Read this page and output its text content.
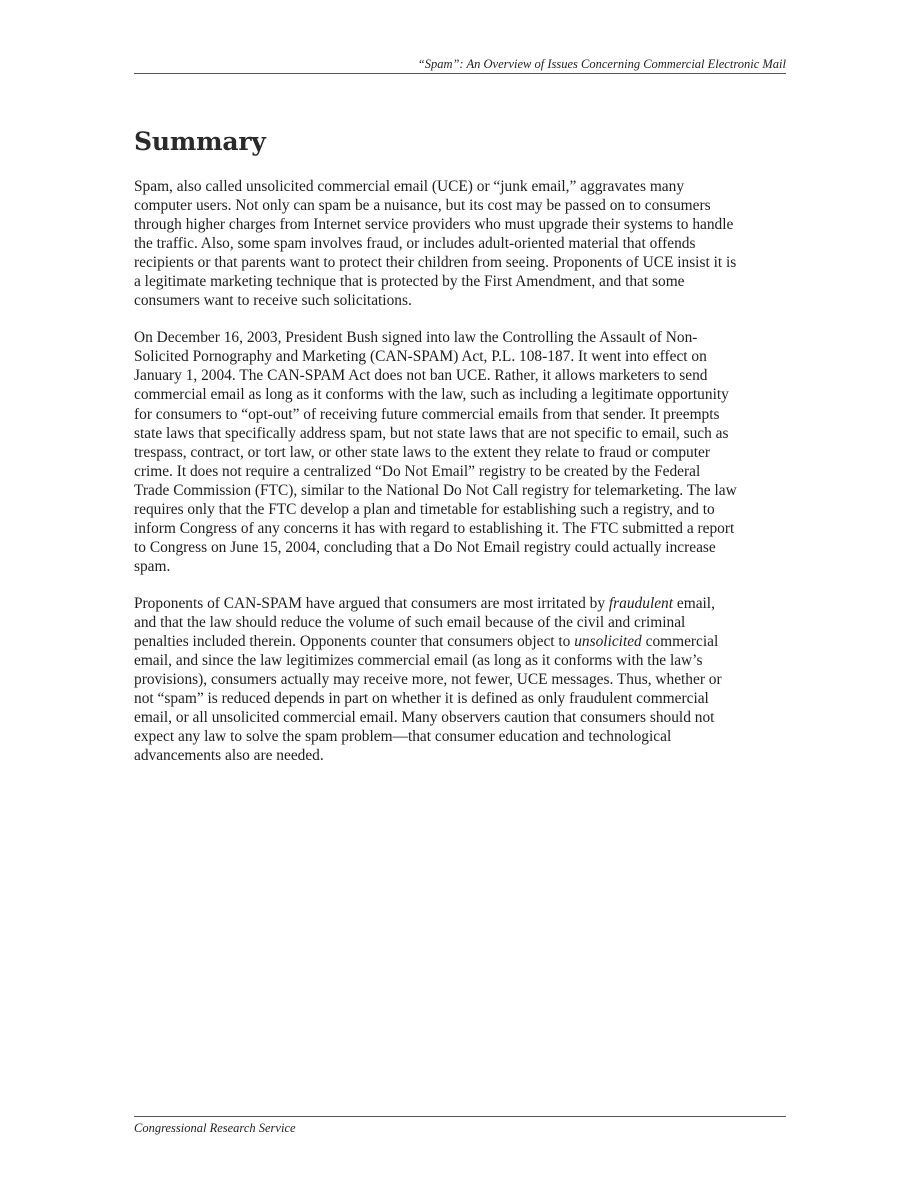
“Spam”: An Overview of Issues Concerning Commercial Electronic Mail
Summary

Spam, also called unsolicited commercial email (UCE) or “junk email,” aggravates many
computer users. Not only can spam be a nuisance, but its cost may be passed on to consumers
through higher charges from Internet service providers who must upgrade their systems to handle
the traffic. Also, some spam involves fraud, or includes adult-oriented material that offends
recipients or that parents want to protect their children from seeing. Proponents of UCE insist it is
a legitimate marketing technique that is protected by the First Amendment, and that some
consumers want to receive such solicitations.

On December 16, 2003, President Bush signed into law the Controlling the Assault of Non-
Solicited Pornography and Marketing (CAN-SPAM) Act, P.L. 108-187. It went into effect on
January 1, 2004. The CAN-SPAM Act does not ban UCE. Rather, it allows marketers to send
commercial email as long as it conforms with the law, such as including a legitimate opportunity
for consumers to “opt-out” of receiving future commercial emails from that sender. It preempts
state laws that specifically address spam, but not state laws that are not specific to email, such as
trespass, contract, or tort law, or other state laws to the extent they relate to fraud or computer
crime. It does not require a centralized “Do Not Email” registry to be created by the Federal
Trade Commission (FTC), similar to the National Do Not Call registry for telemarketing. The law
requires only that the FTC develop a plan and timetable for establishing such a registry, and to
inform Congress of any concerns it has with regard to establishing it. The FTC submitted a report
to Congress on June 15, 2004, concluding that a Do Not Email registry could actually increase
spam.

Proponents of CAN-SPAM have argued that consumers are most irritated by fraudulent email,
and that the law should reduce the volume of such email because of the civil and criminal
penalties included therein. Opponents counter that consumers object to unsolicited commercial
email, and since the law legitimizes commercial email (as long as it conforms with the law’s
provisions), consumers actually may receive more, not fewer, UCE messages. Thus, whether or
not “spam” is reduced depends in part on whether it is defined as only fraudulent commercial
email, or all unsolicited commercial email. Many observers caution that consumers should not
expect any law to solve the spam problem—that consumer education and technological
advancements also are needed.

Congressional Research Service
